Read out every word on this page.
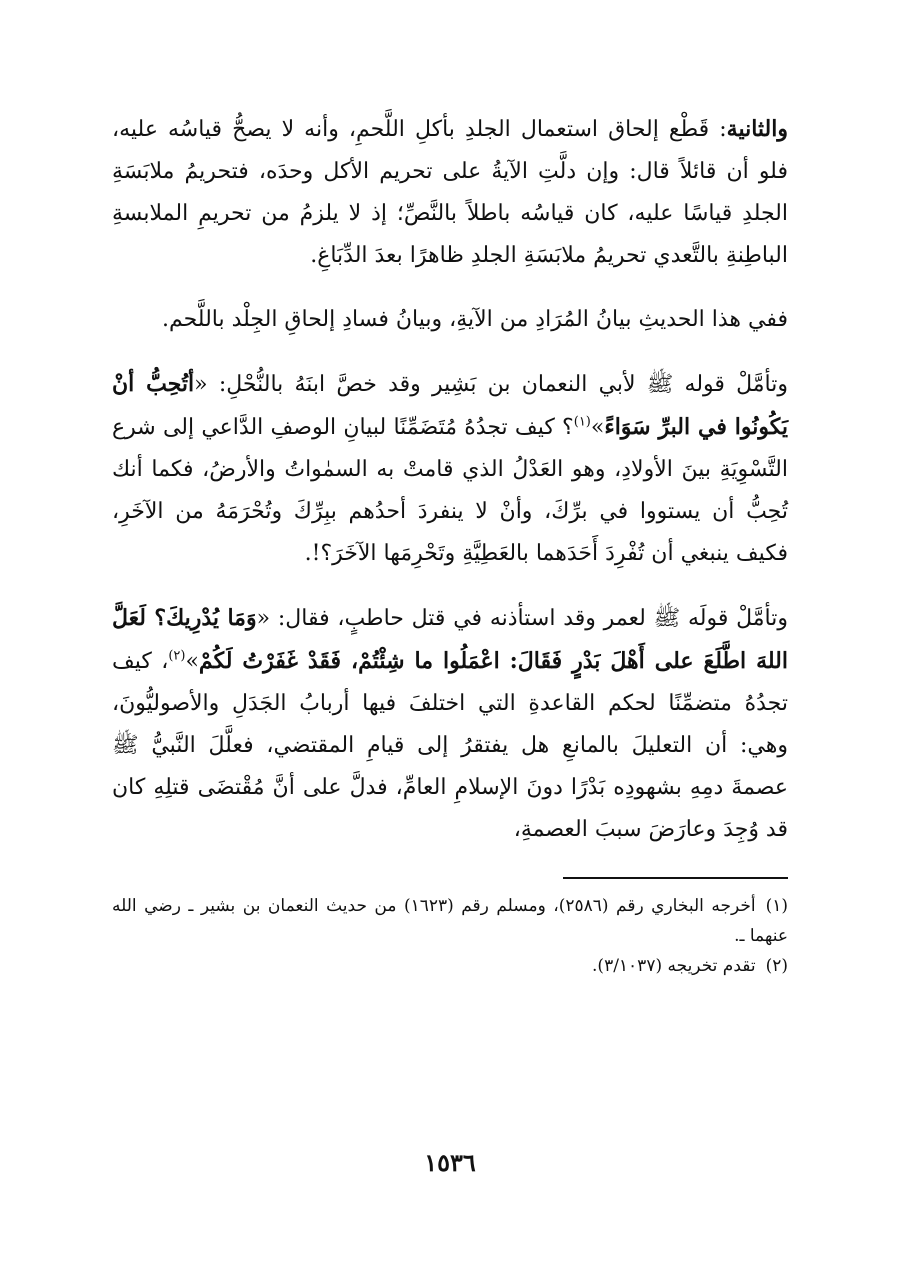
والثانية: قَطْع إلحاق استعمال الجلدِ بأكلِ اللَّحمِ، وأنه لا يصحُّ قياسُه عليه، فلو أن قائلاً قال: وإن دلَّتِ الآيةُ على تحريم الأكل وحدَه، فتحريمُ ملابَسَةِ الجلدِ قياسًا عليه، كان قياسُه باطلاً بالنَّصِّ؛ إذ لا يلزمُ من تحريمِ الملابسةِ الباطِنةِ بالتَّعدي تحريمُ ملابَسَةِ الجلدِ ظاهرًا بعدَ الدِّبَاغِ.

ففي هذا الحديثِ بيانُ المُرَادِ من الآيةِ، وبيانُ فسادِ إلحاقِ الجِلْد باللَّحم.

وتأمَّلْ قوله ﷺ لأبي النعمان بن بَشِير وقد خصَّ ابنَهُ بالنُّحْلِ: «أتُحِبُّ أنْ يَكُونُوا في البرِّ سَوَاءً»$^{(١)}$؟ كيف تجدُهُ مُتَضَمِّنًا لبيانِ الوصفِ الدَّاعي إلى شرع التَّسْوِيَةِ بينَ الأولادِ، وهو العَدْلُ الذي قامتْ به السمٰواتُ والأرضُ، فكما أنك تُحِبُّ أن يستووا في برِّكَ، وأنْ لا ينفردَ أحدُهم ببِرِّكَ وتُحْرَمَهُ من الآخَرِ، فكيف ينبغي أن تُفْرِدَ أَحَدَهما بالعَطِيَّةِ وتَحْرِمَها الآخَرَ؟!.

وتأمَّلْ قولَه ﷺ لعمر وقد استأذنه في قتل حاطبٍ، فقال: «وَمَا يُدْرِيكَ؟ لَعَلَّ اللهَ اطَّلَعَ على أَهْلَ بَدْرٍ فَقَالَ: اعْمَلُوا ما شِئْتُمْ، فَقَدْ غَفَرْتُ لَكُمْ»$^{(٢)}$، كيف تجدُهُ متضمِّنًا لحكم القاعدةِ التي اختلفَ فيها أربابُ الجَدَلِ والأصوليُّونَ، وهي: أن التعليلَ بالمانعِ هل يفتقرُ إلى قيامِ المقتضي، فعلَّلَ النَّبيُّ ﷺ عصمةَ دمِهِ بشهودِه بَدْرًا دونَ الإسلامِ العامِّ، فدلَّ على أنَّ مُقْتضَى قتلِهِ كان قد وُجِدَ وعارَضَ سببَ العصمةِ،

(١)أخرجه البخاري رقم (٢٥٨٦)، ومسلم رقم (١٦٢٣) من حديث النعمان بن بشير ـ رضي الله عنهما ـ.

(٢)تقدم تخريجه (٣/١٠٣٧).

١٥٣٦
